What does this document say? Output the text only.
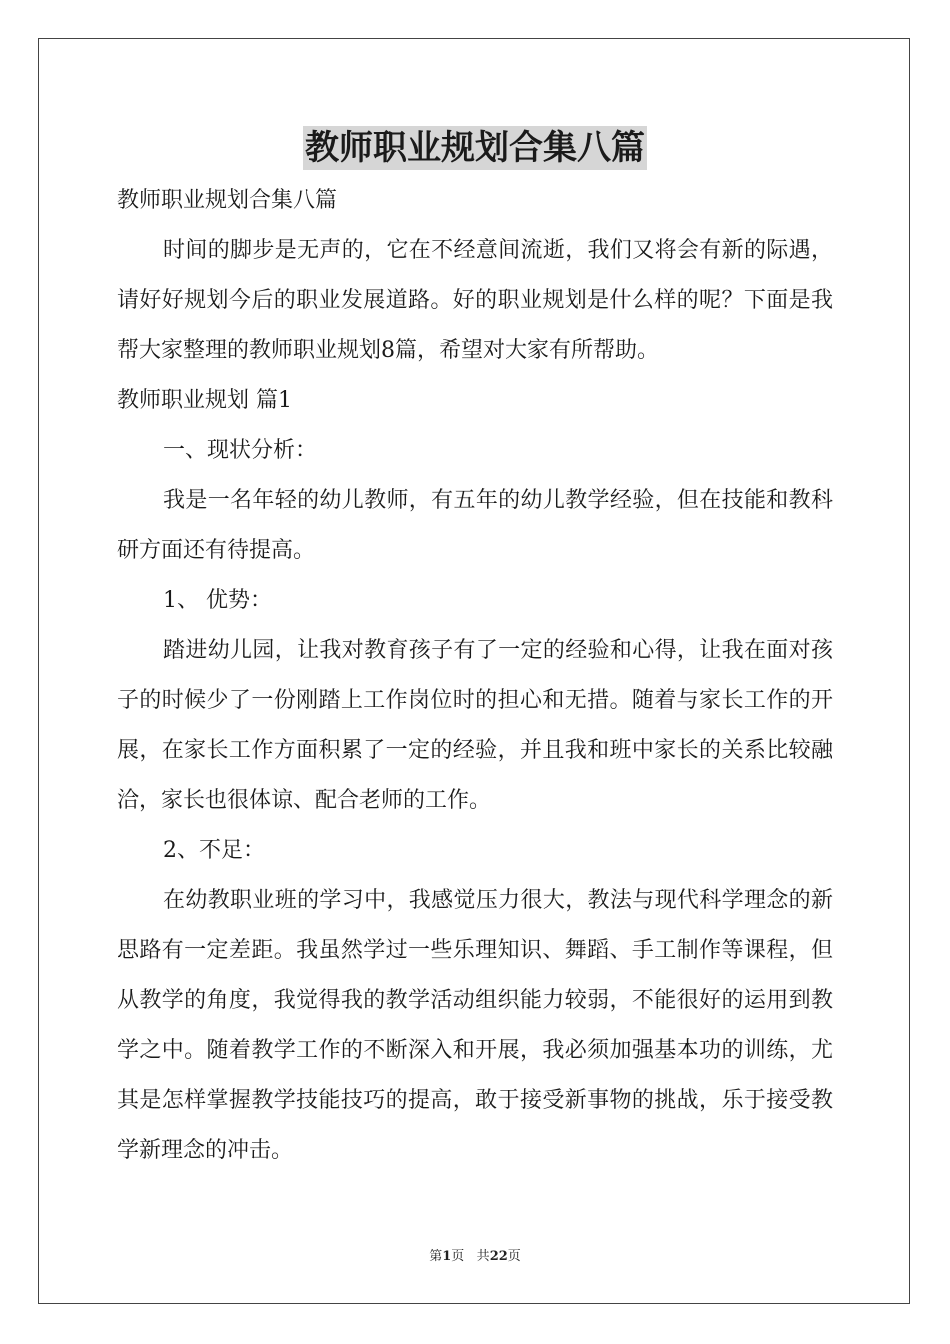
教师职业规划合集八篇

教师职业规划合集八篇

时间的脚步是无声的，它在不经意间流逝，我们又将会有新的际遇，请好好规划今后的职业发展道路。好的职业规划是什么样的呢？下面是我帮大家整理的教师职业规划8篇，希望对大家有所帮助。

教师职业规划 篇1

一、现状分析：

我是一名年轻的幼儿教师，有五年的幼儿教学经验，但在技能和教科研方面还有待提高。

1、 优势：

踏进幼儿园，让我对教育孩子有了一定的经验和心得，让我在面对孩子的时候少了一份刚踏上工作岗位时的担心和无措。随着与家长工作的开展，在家长工作方面积累了一定的经验，并且我和班中家长的关系比较融洽，家长也很体谅、配合老师的工作。

2、不足：

在幼教职业班的学习中，我感觉压力很大，教法与现代科学理念的新思路有一定差距。我虽然学过一些乐理知识、舞蹈、手工制作等课程，但从教学的角度，我觉得我的教学活动组织能力较弱，不能很好的运用到教学之中。随着教学工作的不断深入和开展，我必须加强基本功的训练，尤其是怎样掌握教学技能技巧的提高，敢于接受新事物的挑战，乐于接受教学新理念的冲击。

第1页 共22页
